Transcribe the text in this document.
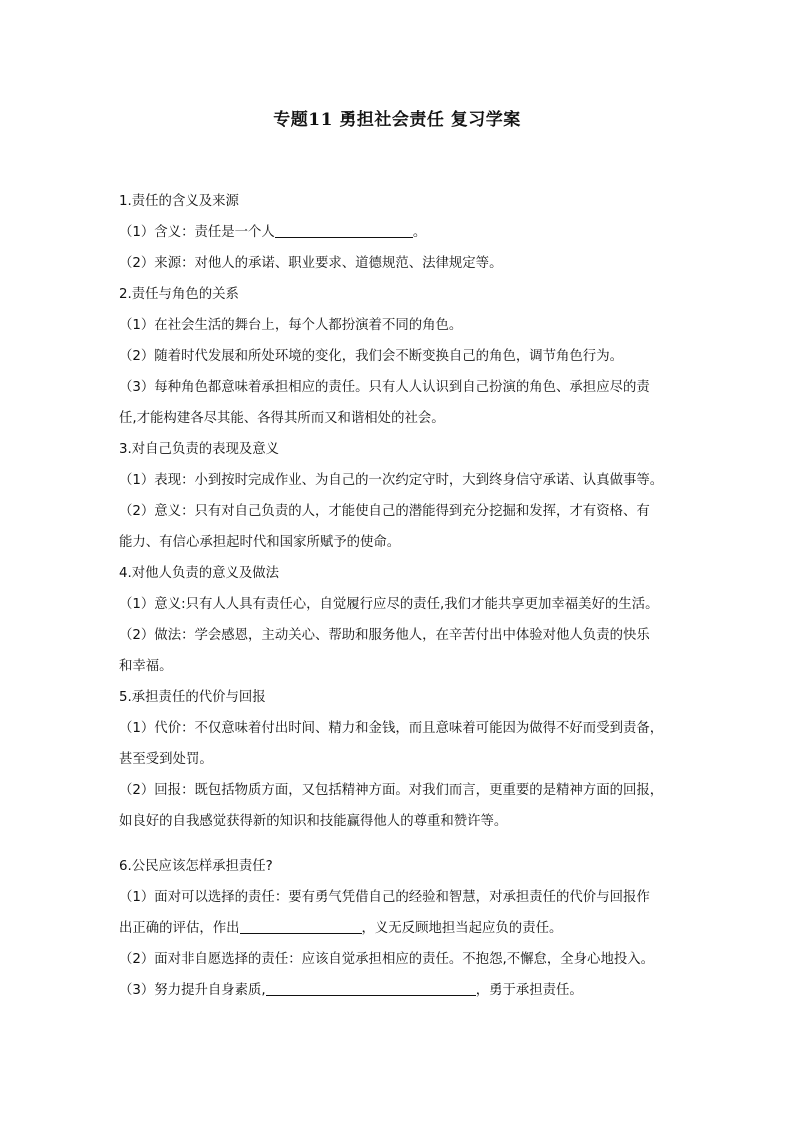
专题11 勇担社会责任 复习学案
1.责任的含义及来源
（1）含义：责任是一个人	。
（2）来源：对他人的承诺、职业要求、道德规范、法律规定等。
2.责任与角色的关系
（1）在社会生活的舞台上，每个人都扮演着不同的角色。
（2）随着时代发展和所处环境的变化，我们会不断变换自己的角色，调节角色行为。
（3）每种角色都意味着承担相应的责任。只有人人认识到自己扮演的角色、承担应尽的责
任,才能构建各尽其能、各得其所而又和谐相处的社会。
3.对自己负责的表现及意义
（1）表现：小到按时完成作业、为自己的一次约定守时，大到终身信守承诺、认真做事等。
（2）意义：只有对自己负责的人，才能使自己的潜能得到充分挖掘和发挥，才有资格、有
能力、有信心承担起时代和国家所赋予的使命。
4.对他人负责的意义及做法
（1）意义:只有人人具有责任心，自觉履行应尽的责任,我们才能共享更加幸福美好的生活。
（2）做法：学会感恩，主动关心、帮助和服务他人，在辛苦付出中体验对他人负责的快乐
和幸福。
5.承担责任的代价与回报
（1）代价：不仅意味着付出时间、精力和金钱，而且意味着可能因为做得不好而受到责备，
甚至受到处罚。
（2）回报：既包括物质方面，又包括精神方面。对我们而言，更重要的是精神方面的回报，
如良好的自我感觉获得新的知识和技能赢得他人的尊重和赞许等。
6.公民应该怎样承担责任?
（1）面对可以选择的责任：要有勇气凭借自己的经验和智慧，对承担责任的代价与回报作
出正确的评估，作出	，义无反顾地担当起应负的责任。
（2）面对非自愿选择的责任：应该自觉承担相应的责任。不抱怨,不懈怠，全身心地投入。
（3）努力提升自身素质,	，勇于承担责任。
